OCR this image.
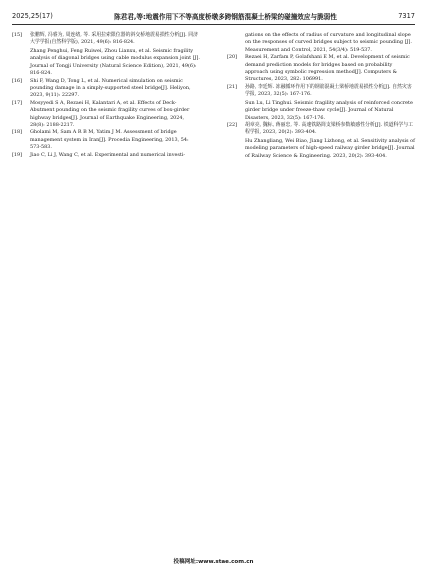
2025,25(17)	陈君君,等:地震作用下不等高度桥墩多跨钢筋混凝土桥梁的碰撞效应与脆弱性	7317
[15]	张鹏辉, 冯睿为, 周连绪, 等. 采用拉索限位器的斜交桥地震易损性分析[J]. 同济大学学报(自然科学版), 2021, 49(6): 816-824.

Zhang Penghui, Feng Ruiwei, Zhou Lianxu, et al. Seismic fragility analysis of diagonal bridges using cable modulus expansion joint [J]. Journal of Tongji University (Natural Science Edition), 2021, 49(6): 816-824.

[16]	Shi F, Wang D, Tong L, et al. Numerical simulation on seismic pounding damage in a simply-supported steel bridge[J]. Heliyon, 2023, 9(11): 22297.

[17]	Mosyyedi S A, Rezaei H, Kalantari A, et al. Effects of Deck-Abutment pounding on the seismic fragility curves of box-girder highway bridges[J]. Journal of Earthquake Engineering, 2024, 28(8): 2188-2217.

[18]	Gholami M, Sam A R B M, Yatim J M. Assessment of bridge management system in Iran[J]. Procedia Engineering, 2013, 54: 573-583.

[19]	Jiao C, Li J, Wang C, et al. Experimental and numerical investi-

gations on the effects of radius of curvature and longitudinal slope on the responses of curved bridges subject to seismic pounding [J]. Measurement and Control, 2021, 54(3/4): 519-537.

[20]	Rezaei H, Zarfam P, Golafshani E M, et al. Development of seismic demand prediction models for bridges based on probability approach using symbolic regression method[J]. Computers & Structures, 2023, 282: 106991.

[21]	孙路, 李廷辉. 冻融循环作用下的钢筋混凝土梁桥地震易损性分析[J]. 自然灾害学报, 2023, 32(5): 167-176.

Sun Lu, Li Tinghui. Seismic fragility analysis of reinforced concrete girder bridge under freeze-thaw cycle[J]. Journal of Natural Disasters, 2023, 32(5): 167-176.

[22]	胡章亮, 魏标, 蒋丽忠, 等. 高速铁路简支梁桥参数敏感性分析[J]. 铁道科学与工程学报, 2023, 20(2): 393-404.

Hu Zhangliang, Wei Biao, Jiang Lizhong, et al. Sensitivity analysis of modeling parameters of high-speed railway girder bridge[J]. Journal of Railway Science & Engineering. 2023, 20(2): 393-404.

投稿网址:www.stae.com.cn
